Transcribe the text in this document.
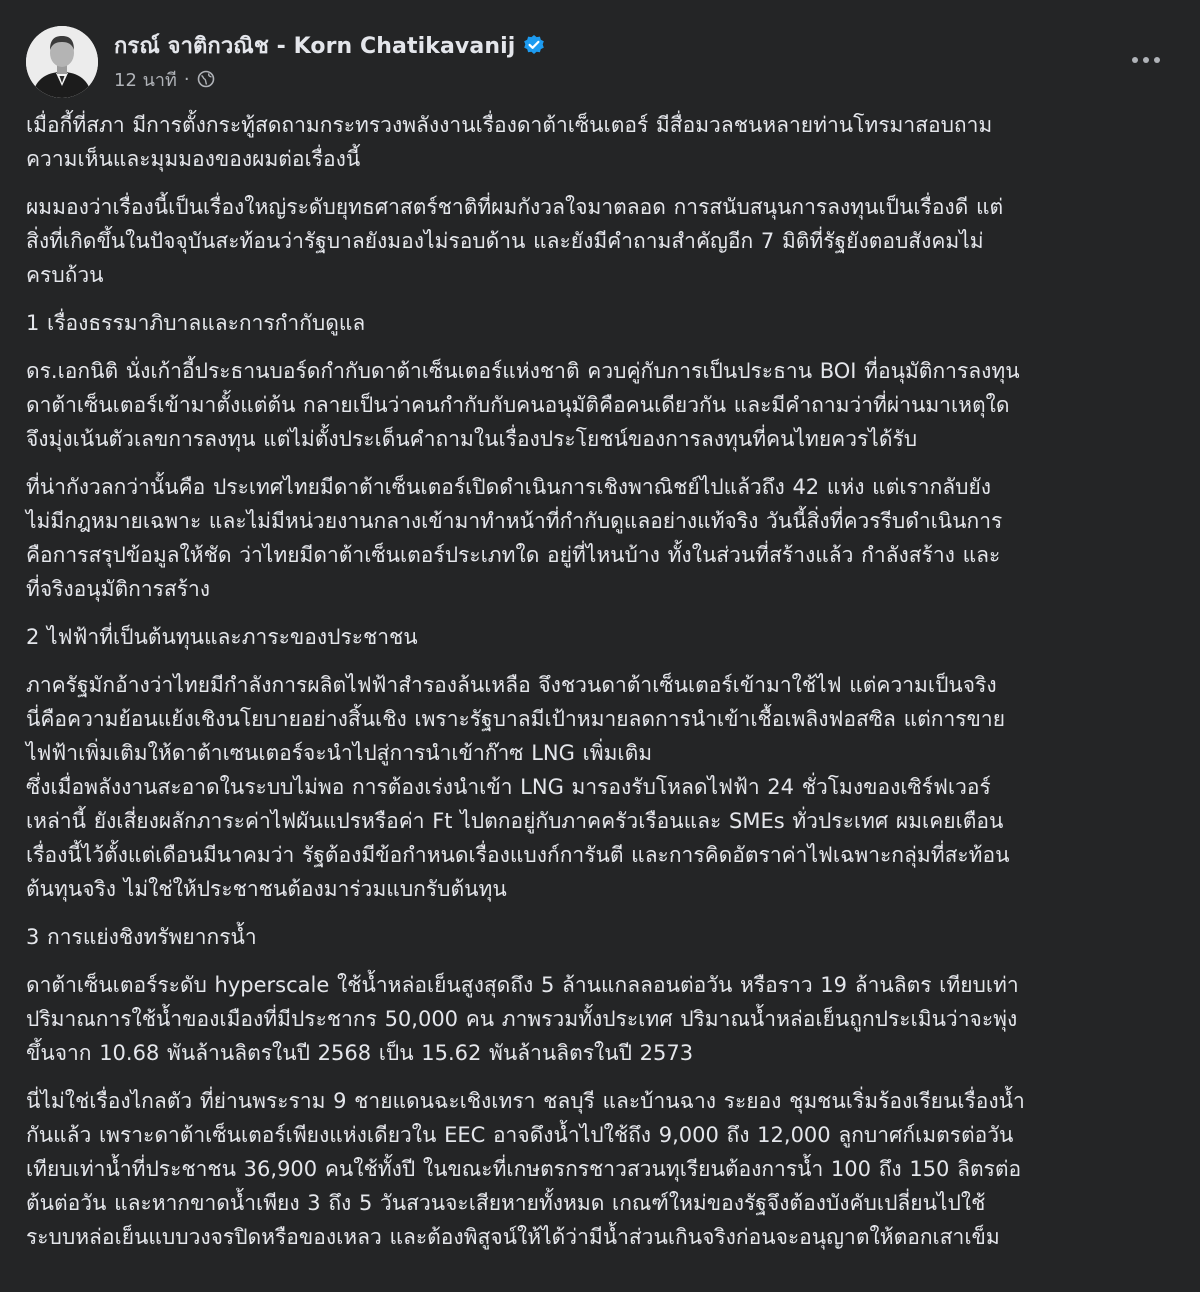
กรณ์ จาติกวณิช - Korn Chatikavanij
12 นาที ·
เมื่อกี้ที่สภา มีการตั้งกระทู้สดถามกระทรวงพลังงานเรื่องดาต้าเซ็นเตอร์ มีสื่อมวลชนหลายท่านโทรมาสอบถาม
ความเห็นและมุมมองของผมต่อเรื่องนี้
ผมมองว่าเรื่องนี้เป็นเรื่องใหญ่ระดับยุทธศาสตร์ชาติที่ผมกังวลใจมาตลอด การสนับสนุนการลงทุนเป็นเรื่องดี แต่
สิ่งที่เกิดขึ้นในปัจจุบันสะท้อนว่ารัฐบาลยังมองไม่รอบด้าน และยังมีคำถามสำคัญอีก 7 มิติที่รัฐยังตอบสังคมไม่
ครบถ้วน
1 เรื่องธรรมาภิบาลและการกำกับดูแล
ดร.เอกนิติ นั่งเก้าอี้ประธานบอร์ดกำกับดาต้าเซ็นเตอร์แห่งชาติ ควบคู่กับการเป็นประธาน BOI ที่อนุมัติการลงทุน
ดาต้าเซ็นเตอร์เข้ามาตั้งแต่ต้น กลายเป็นว่าคนกำกับกับคนอนุมัติคือคนเดียวกัน และมีคำถามว่าที่ผ่านมาเหตุใด
จึงมุ่งเน้นตัวเลขการลงทุน แต่ไม่ตั้งประเด็นคำถามในเรื่องประโยชน์ของการลงทุนที่คนไทยควรได้รับ
ที่น่ากังวลกว่านั้นคือ ประเทศไทยมีดาต้าเซ็นเตอร์เปิดดำเนินการเชิงพาณิชย์ไปแล้วถึง 42 แห่ง แต่เรากลับยัง
ไม่มีกฎหมายเฉพาะ และไม่มีหน่วยงานกลางเข้ามาทำหน้าที่กำกับดูแลอย่างแท้จริง วันนี้สิ่งที่ควรรีบดำเนินการ
คือการสรุปข้อมูลให้ชัด ว่าไทยมีดาต้าเซ็นเตอร์ประเภทใด อยู่ที่ไหนบ้าง ทั้งในส่วนที่สร้างแล้ว กำลังสร้าง และ
ที่จริงอนุมัติการสร้าง
2 ไฟฟ้าที่เป็นต้นทุนและภาระของประชาชน
ภาครัฐมักอ้างว่าไทยมีกำลังการผลิตไฟฟ้าสำรองล้นเหลือ จึงชวนดาต้าเซ็นเตอร์เข้ามาใช้ไฟ แต่ความเป็นจริง
นี่คือความย้อนแย้งเชิงนโยบายอย่างสิ้นเชิง เพราะรัฐบาลมีเป้าหมายลดการนำเข้าเชื้อเพลิงฟอสซิล แต่การขาย
ไฟฟ้าเพิ่มเติมให้ดาต้าเซนเตอร์จะนำไปสู่การนำเข้าก๊าซ LNG เพิ่มเติม
ซึ่งเมื่อพลังงานสะอาดในระบบไม่พอ การต้องเร่งนำเข้า LNG มารองรับโหลดไฟฟ้า 24 ชั่วโมงของเซิร์ฟเวอร์
เหล่านี้ ยังเสี่ยงผลักภาระค่าไฟผันแปรหรือค่า Ft ไปตกอยู่กับภาคครัวเรือนและ SMEs ทั่วประเทศ ผมเคยเตือน
เรื่องนี้ไว้ตั้งแต่เดือนมีนาคมว่า รัฐต้องมีข้อกำหนดเรื่องแบงก์การันตี และการคิดอัตราค่าไฟเฉพาะกลุ่มที่สะท้อน
ต้นทุนจริง ไม่ใช่ให้ประชาชนต้องมาร่วมแบกรับต้นทุน
3 การแย่งชิงทรัพยากรน้ำ
ดาต้าเซ็นเตอร์ระดับ hyperscale ใช้น้ำหล่อเย็นสูงสุดถึง 5 ล้านแกลลอนต่อวัน หรือราว 19 ล้านลิตร เทียบเท่า
ปริมาณการใช้น้ำของเมืองที่มีประชากร 50,000 คน ภาพรวมทั้งประเทศ ปริมาณน้ำหล่อเย็นถูกประเมินว่าจะพุ่ง
ขึ้นจาก 10.68 พันล้านลิตรในปี 2568 เป็น 15.62 พันล้านลิตรในปี 2573
นี่ไม่ใช่เรื่องไกลตัว ที่ย่านพระราม 9 ชายแดนฉะเชิงเทรา ชลบุรี และบ้านฉาง ระยอง ชุมชนเริ่มร้องเรียนเรื่องน้ำ
กันแล้ว เพราะดาต้าเซ็นเตอร์เพียงแห่งเดียวใน EEC อาจดึงน้ำไปใช้ถึง 9,000 ถึง 12,000 ลูกบาศก์เมตรต่อวัน
เทียบเท่าน้ำที่ประชาชน 36,900 คนใช้ทั้งปี ในขณะที่เกษตรกรชาวสวนทุเรียนต้องการน้ำ 100 ถึง 150 ลิตรต่อ
ต้นต่อวัน และหากขาดน้ำเพียง 3 ถึง 5 วันสวนจะเสียหายทั้งหมด เกณฑ์ใหม่ของรัฐจึงต้องบังคับเปลี่ยนไปใช้
ระบบหล่อเย็นแบบวงจรปิดหรือของเหลว และต้องพิสูจน์ให้ได้ว่ามีน้ำส่วนเกินจริงก่อนจะอนุญาตให้ตอกเสาเข็ม
